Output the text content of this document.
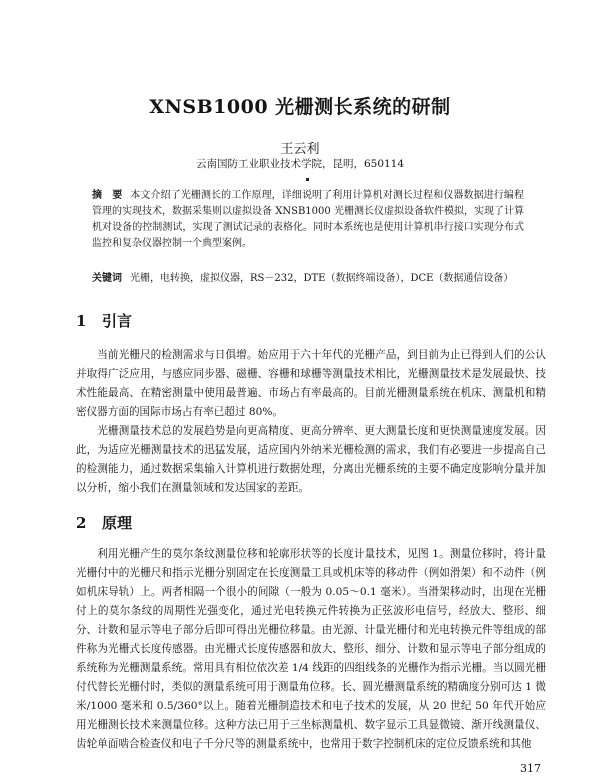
XNSB1000 光栅测长系统的研制
王云利
云南国防工业职业技术学院，昆明，650114
摘　要 本文介绍了光栅测长的工作原理，详细说明了利用计算机对测长过程和仪器数据进行编程管理的实现技术，数据采集则以虚拟设备 XNSB1000 光栅测长仪虚拟设备软件模拟，实现了计算机对设备的控制测试，实现了测试记录的表格化。同时本系统也是使用计算机串行接口实现分布式监控和复杂仪器控制一个典型案例。
关键词 光栅，电转换，虚拟仪器，RS－232，DTE（数据终端设备），DCE（数据通信设备）
1 引言
当前光栅尺的检测需求与日俱增。始应用于六十年代的光栅产品，到目前为止已得到人们的公认并取得广泛应用，与感应同步器、磁栅、容栅和球栅等测量技术相比，光栅测量技术是发展最快、技术性能最高、在精密测量中使用最普遍、市场占有率最高的。目前光栅测量系统在机床、测量机和精密仪器方面的国际市场占有率已超过 80%。
光栅测量技术总的发展趋势是向更高精度、更高分辨率、更大测量长度和更快测量速度发展。因此，为适应光栅测量技术的迅猛发展，适应国内外纳米光栅检测的需求，我们有必要进一步提高自己的检测能力，通过数据采集输入计算机进行数据处理，分离出光栅系统的主要不确定度影响分量并加以分析，缩小我们在测量领域和发达国家的差距。
2 原理
利用光栅产生的莫尔条纹测量位移和轮廓形状等的长度计量技术，见图 1。测量位移时，将计量光栅付中的光栅尺和指示光栅分别固定在长度测量工具或机床等的移动件（例如滑架）和不动件（例如机床导轨）上。两者相隔一个很小的间隙（一般为 0.05～0.1 毫米）。当滑架移动时，出现在光栅付上的莫尔条纹的周期性光强变化，通过光电转换元件转换为正弦波形电信号，经放大、整形、细分、计数和显示等电子部分后即可得出光栅位移量。由光源、计量光栅付和光电转换元件等组成的部件称为光栅式长度传感器。由光栅式长度传感器和放大、整形、细分、计数和显示等电子部分组成的系统称为光栅测量系统。常用具有相位依次差 1/4 线距的四组线条的光栅作为指示光栅。当以圆光栅付代替长光栅付时，类似的测量系统可用于测量角位移。长、圆光栅测量系统的精确度分别可达 1 微米/1000 毫米和 0.5/360°以上。随着光栅制造技术和电子技术的发展，从 20 世纪 50 年代开始应用光栅测长技术来测量位移。这种方法已用于三坐标测量机、数字显示工具显微镜、渐开线测量仪、齿轮单面啮合检查仪和电子千分尺等的测量系统中，也常用于数字控制机床的定位反馈系统和其他
317
